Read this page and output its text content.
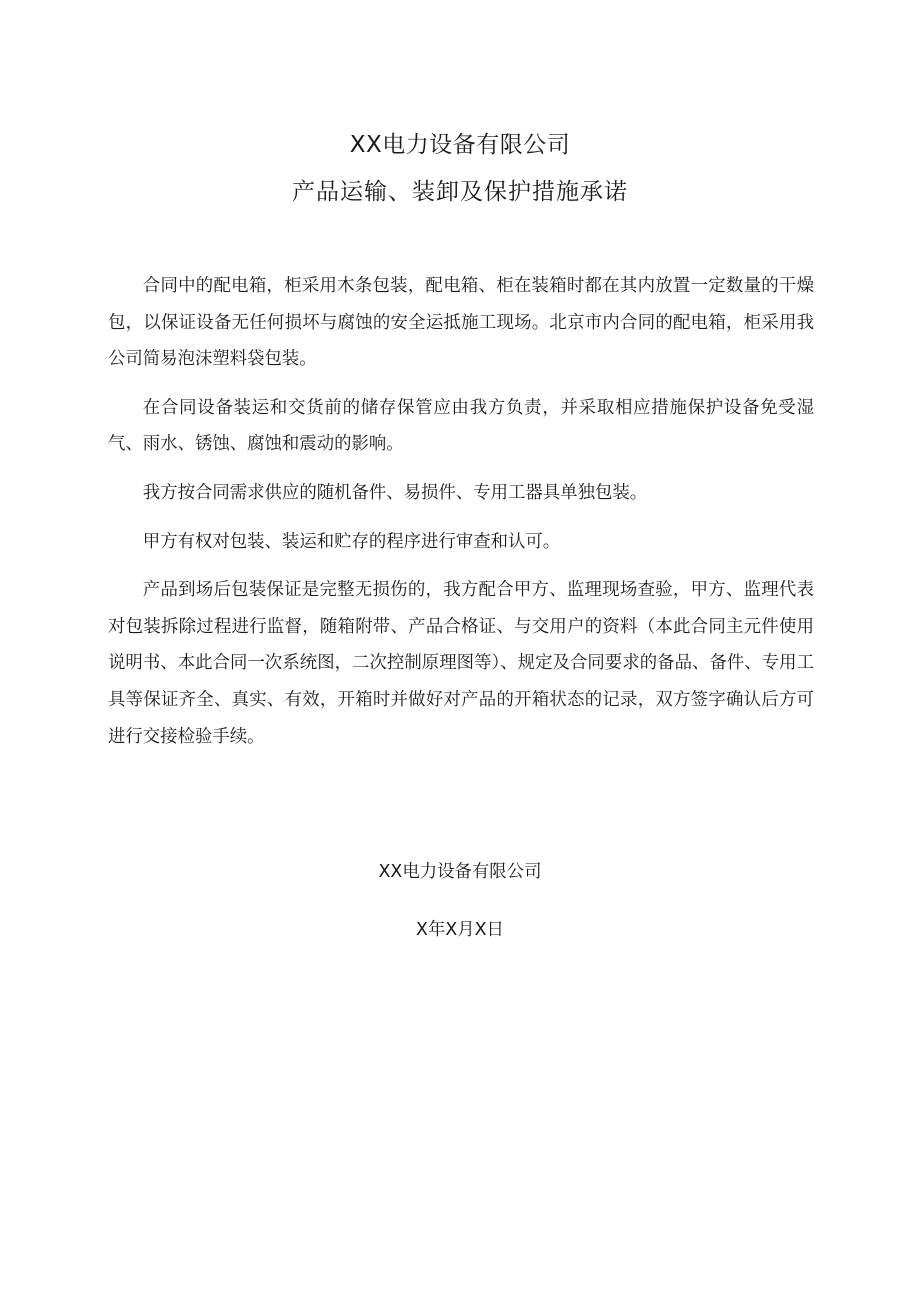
XX电力设备有限公司
产品运输、装卸及保护措施承诺

合同中的配电箱，柜采用木条包装，配电箱、柜在装箱时都在其内放置一定数量的干燥包，以保证设备无任何损坏与腐蚀的安全运抵施工现场。北京市内合同的配电箱，柜采用我公司简易泡沫塑料袋包装。

在合同设备装运和交货前的储存保管应由我方负责，并采取相应措施保护设备免受湿气、雨水、锈蚀、腐蚀和震动的影响。

我方按合同需求供应的随机备件、易损件、专用工器具单独包装。

甲方有权对包装、装运和贮存的程序进行审查和认可。

产品到场后包装保证是完整无损伤的，我方配合甲方、监理现场查验，甲方、监理代表对包装拆除过程进行监督，随箱附带、产品合格证、与交用户的资料（本此合同主元件使用说明书、本此合同一次系统图，二次控制原理图等）、规定及合同要求的备品、备件、专用工具等保证齐全、真实、有效，开箱时并做好对产品的开箱状态的记录，双方签字确认后方可进行交接检验手续。

XX电力设备有限公司
X年X月X日
